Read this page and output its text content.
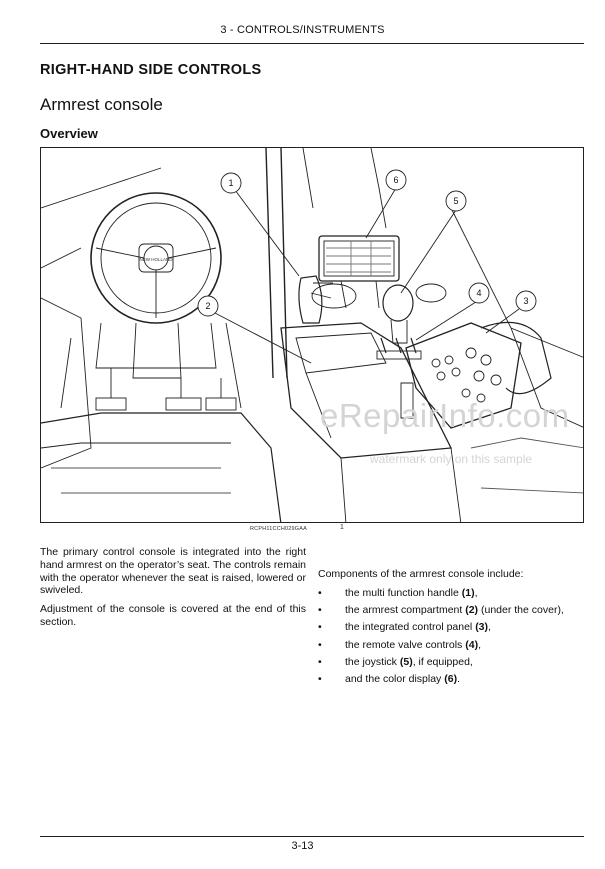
3 - CONTROLS/INSTRUMENTS
RIGHT-HAND SIDE CONTROLS
Armrest console
Overview
1
2	3
4
5
6
NEW HOLLAND
eRepairInfo.com
watermark only on this sample
RCPH11CCH029GAA	1
The primary control console is integrated into the right hand armrest on the operator’s seat. The controls remain with the operator whenever the seat is raised, lowered or swiveled.
Adjustment of the console is covered at the end of this section.
Components of the armrest console include:
• the multi function handle (1),
• the armrest compartment (2) (under the cover),
• the integrated control panel (3),
• the remote valve controls (4),
• the joystick (5), if equipped,
• and the color display (6).
3-13
